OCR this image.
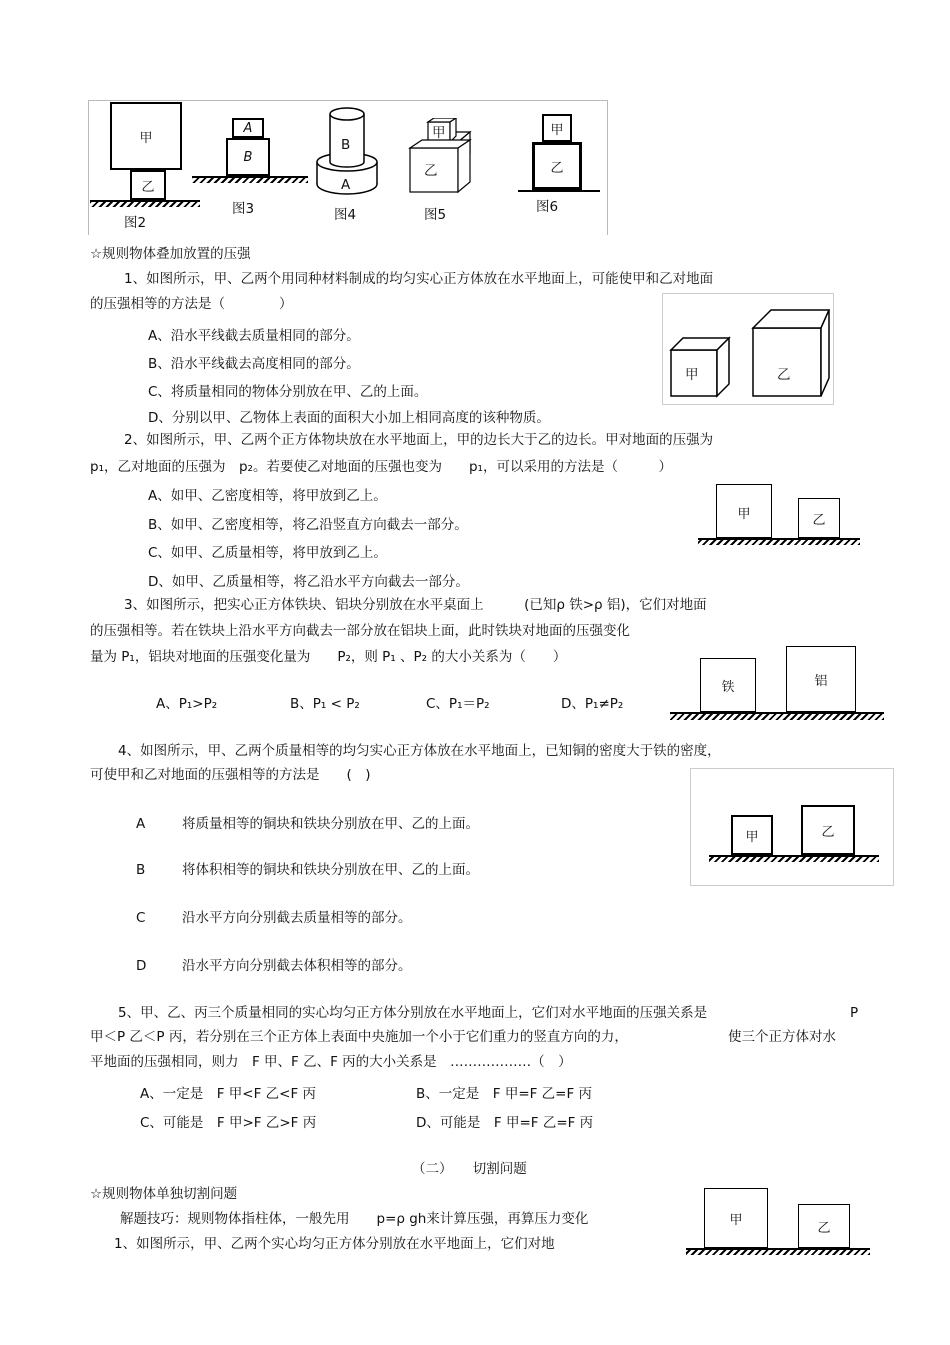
甲
乙
图2
A
B
图3
B
A
图4
甲
乙
图5
甲
乙
图6
☆规则物体叠加放置的压强
1、如图所示，甲、乙两个用同种材料制成的均匀实心正方体放在水平地面上，可能使甲和乙对地面
的压强相等的方法是（　　　　）
A、沿水平线截去质量相同的部分。
B、沿水平线截去高度相同的部分。
C、将质量相同的物体分别放在甲、乙的上面。
D、分别以甲、乙物体上表面的面积大小加上相同高度的该种物质。
甲	乙
2、如图所示，甲、乙两个正方体物块放在水平地面上，甲的边长大于乙的边长。甲对地面的压强为
p₁，乙对地面的压强为　p₂。若要使乙对地面的压强也变为　　p₁，可以采用的方法是（　　　）
A、如甲、乙密度相等，将甲放到乙上。
B、如甲、乙密度相等，将乙沿竖直方向截去一部分。
C、如甲、乙质量相等，将甲放到乙上。
D、如甲、乙质量相等，将乙沿水平方向截去一部分。
甲	乙
3、如图所示，把实心正方体铁块、铝块分别放在水平桌面上　　　(已知ρ 铁>ρ 铝)，它们对地面
的压强相等。若在铁块上沿水平方向截去一部分放在铝块上面，此时铁块对地面的压强变化
量为 P₁，铝块对地面的压强变化量为　　P₂，则 P₁ 、P₂ 的大小关系为（　　）
A、P₁>P₂	B、P₁ < P₂	C、P₁＝P₂	D、P₁≠P₂
铁	铝
4、如图所示，甲、乙两个质量相等的均匀实心正方体放在水平地面上，已知铜的密度大于铁的密度，
可使甲和乙对地面的压强相等的方法是　　(　)
A	将质量相等的铜块和铁块分别放在甲、乙的上面。
B	将体积相等的铜块和铁块分别放在甲、乙的上面。
C	沿水平方向分别截去质量相等的部分。
D	沿水平方向分别截去体积相等的部分。
甲	乙
5、甲、乙、丙三个质量相同的实心均匀正方体分别放在水平地面上，它们对水平地面的压强关系是	P
甲＜P 乙＜P 丙，若分别在三个正方体上表面中央施加一个小于它们重力的竖直方向的力，	使三个正方体对水
平地面的压强相同，则力　F 甲、F 乙、F 丙的大小关系是　………………（　）
A、一定是　F 甲<F 乙<F 丙	B、一定是　F 甲=F 乙=F 丙
C、可能是　F 甲>F 乙>F 丙	D、可能是　F 甲=F 乙=F 丙
（二）　　切割问题
☆规则物体单独切割问题
解题技巧：规则物体指柱体，一般先用　　p=ρ gh来计算压强，再算压力变化
1、如图所示，甲、乙两个实心均匀正方体分别放在水平地面上，它们对地
甲	乙
